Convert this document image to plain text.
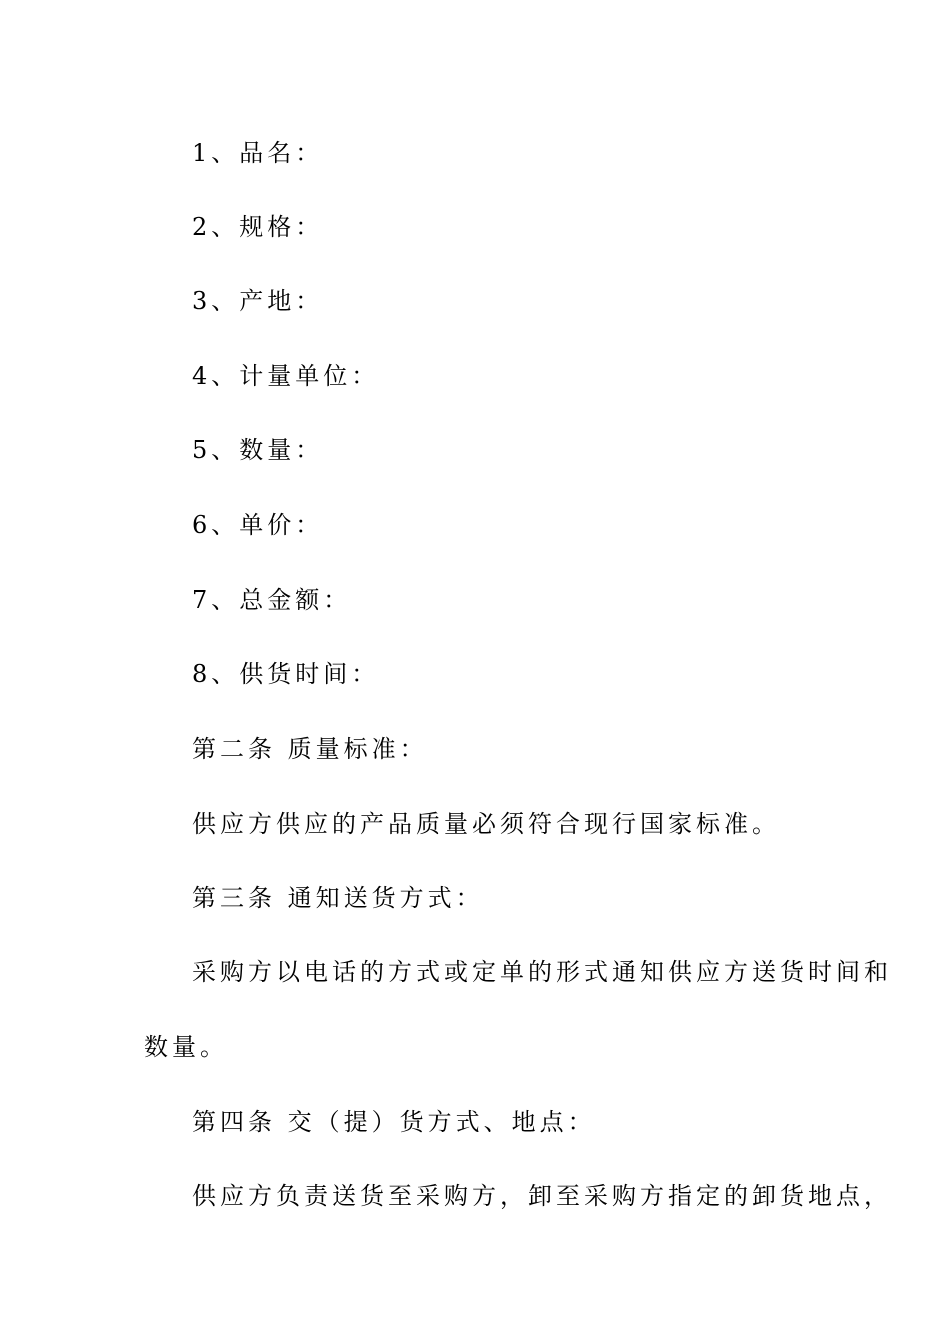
1、品名：
2、规格：
3、产地：
4、计量单位：
5、数量：
6、单价：
7、总金额：
8、供货时间：
第二条 质量标准：
供应方供应的产品质量必须符合现行国家标准。
第三条 通知送货方式：
采购方以电话的方式或定单的形式通知供应方送货时间和
数量。
第四条 交（提）货方式、地点：
供应方负责送货至采购方，卸至采购方指定的卸货地点，
